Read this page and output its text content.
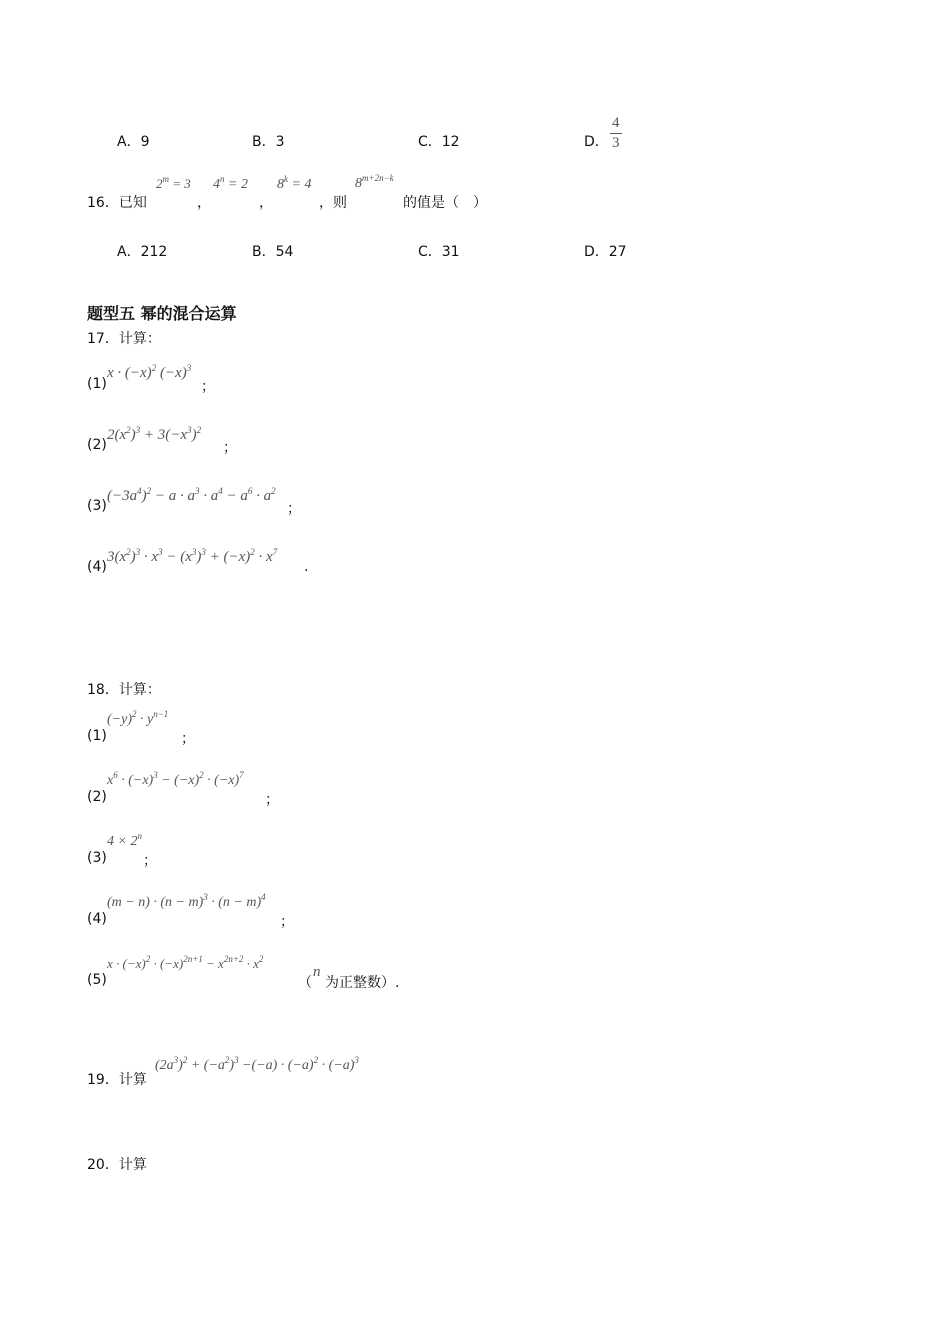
A．9	B．3	C．12	D． $\frac{4}{3}$
16．已知
$2^m = 3$
，
$4^n = 2$
，
$8^k = 4$
，则
$8^{m+2n-k}$
的值是（　）
A．212	B．54	C．31	D．27
题型五 幂的混合运算
17．计算：
(1)
$x \cdot (-x)^2$ $(-x)^3$
；
(2)
$2(x^2)^3 + 3(-x^3)^2$
；
(3)
$(-3a^4)^2 - a \cdot a^3 \cdot a^4 - a^6 \cdot a^2$
；
(4)
$3(x^2)^3 \cdot x^3 - (x^3)^3 + (-x)^2 \cdot x^7$
.
18．计算：
(1)
$(-y)^2 \cdot y^{n-1}$
；
(2)
$x^6 \cdot (-x)^3 - (-x)^2 \cdot (-x)^7$
；
(3)
$4 \times 2^n$
；
(4)
$(m - n) \cdot (n - m)^3 \cdot (n - m)^4$
；
(5)
$x \cdot (-x)^2 \cdot (-x)^{2n+1} - x^{2n+2} \cdot x^2$
（
n
为正整数）.
19．计算
$(2a^3)^2 + (-a^2)^3 -(-a) \cdot (-a)^2 \cdot (-a)^3$
20．计算
